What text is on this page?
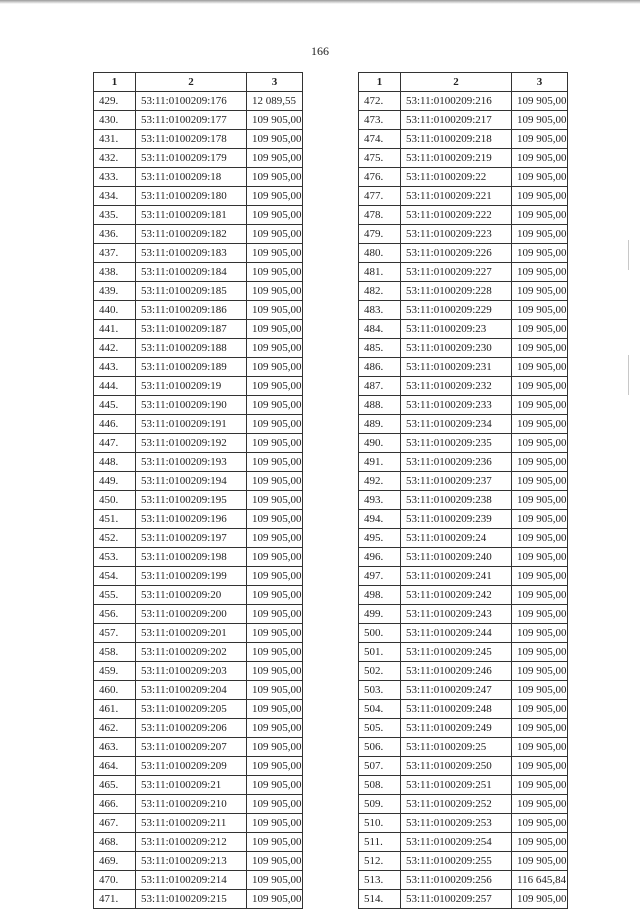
166
1	2	3
429.	53:11:0100209:176	12 089,55
430.	53:11:0100209:177	109 905,00
431.	53:11:0100209:178	109 905,00
432.	53:11:0100209:179	109 905,00
433.	53:11:0100209:18	109 905,00
434.	53:11:0100209:180	109 905,00
435.	53:11:0100209:181	109 905,00
436.	53:11:0100209:182	109 905,00
437.	53:11:0100209:183	109 905,00
438.	53:11:0100209:184	109 905,00
439.	53:11:0100209:185	109 905,00
440.	53:11:0100209:186	109 905,00
441.	53:11:0100209:187	109 905,00
442.	53:11:0100209:188	109 905,00
443.	53:11:0100209:189	109 905,00
444.	53:11:0100209:19	109 905,00
445.	53:11:0100209:190	109 905,00
446.	53:11:0100209:191	109 905,00
447.	53:11:0100209:192	109 905,00
448.	53:11:0100209:193	109 905,00
449.	53:11:0100209:194	109 905,00
450.	53:11:0100209:195	109 905,00
451.	53:11:0100209:196	109 905,00
452.	53:11:0100209:197	109 905,00
453.	53:11:0100209:198	109 905,00
454.	53:11:0100209:199	109 905,00
455.	53:11:0100209:20	109 905,00
456.	53:11:0100209:200	109 905,00
457.	53:11:0100209:201	109 905,00
458.	53:11:0100209:202	109 905,00
459.	53:11:0100209:203	109 905,00
460.	53:11:0100209:204	109 905,00
461.	53:11:0100209:205	109 905,00
462.	53:11:0100209:206	109 905,00
463.	53:11:0100209:207	109 905,00
464.	53:11:0100209:209	109 905,00
465.	53:11:0100209:21	109 905,00
466.	53:11:0100209:210	109 905,00
467.	53:11:0100209:211	109 905,00
468.	53:11:0100209:212	109 905,00
469.	53:11:0100209:213	109 905,00
470.	53:11:0100209:214	109 905,00
471.	53:11:0100209:215	109 905,00
1	2	3
472.	53:11:0100209:216	109 905,00
473.	53:11:0100209:217	109 905,00
474.	53:11:0100209:218	109 905,00
475.	53:11:0100209:219	109 905,00
476.	53:11:0100209:22	109 905,00
477.	53:11:0100209:221	109 905,00
478.	53:11:0100209:222	109 905,00
479.	53:11:0100209:223	109 905,00
480.	53:11:0100209:226	109 905,00
481.	53:11:0100209:227	109 905,00
482.	53:11:0100209:228	109 905,00
483.	53:11:0100209:229	109 905,00
484.	53:11:0100209:23	109 905,00
485.	53:11:0100209:230	109 905,00
486.	53:11:0100209:231	109 905,00
487.	53:11:0100209:232	109 905,00
488.	53:11:0100209:233	109 905,00
489.	53:11:0100209:234	109 905,00
490.	53:11:0100209:235	109 905,00
491.	53:11:0100209:236	109 905,00
492.	53:11:0100209:237	109 905,00
493.	53:11:0100209:238	109 905,00
494.	53:11:0100209:239	109 905,00
495.	53:11:0100209:24	109 905,00
496.	53:11:0100209:240	109 905,00
497.	53:11:0100209:241	109 905,00
498.	53:11:0100209:242	109 905,00
499.	53:11:0100209:243	109 905,00
500.	53:11:0100209:244	109 905,00
501.	53:11:0100209:245	109 905,00
502.	53:11:0100209:246	109 905,00
503.	53:11:0100209:247	109 905,00
504.	53:11:0100209:248	109 905,00
505.	53:11:0100209:249	109 905,00
506.	53:11:0100209:25	109 905,00
507.	53:11:0100209:250	109 905,00
508.	53:11:0100209:251	109 905,00
509.	53:11:0100209:252	109 905,00
510.	53:11:0100209:253	109 905,00
511.	53:11:0100209:254	109 905,00
512.	53:11:0100209:255	109 905,00
513.	53:11:0100209:256	116 645,84
514.	53:11:0100209:257	109 905,00
